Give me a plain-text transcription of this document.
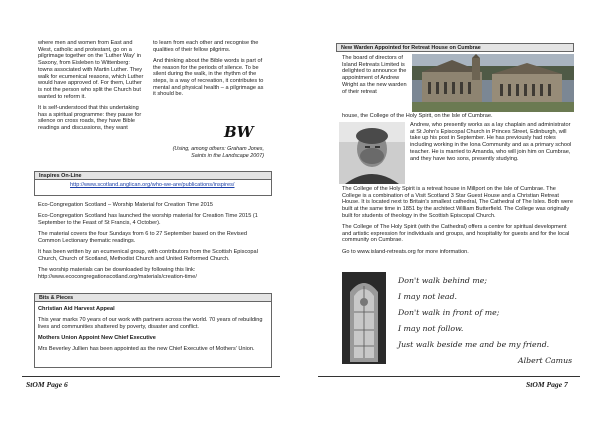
where men and women from East and West, catholic and protestant, go on a pilgrimage together on the 'Luther Way' in Saxony, from Eisleben to Wittenberg: towns associated with Martin Luther. They walk for ecumenical reasons, which Luther would have approved of. For them, Luther is not the person who split the Church but wanted to reform it.

It is self-understood that this undertaking has a spiritual programme: they pause for silence on cross roads, they have Bible readings and discussions, they want

to learn from each other and recognise the qualities of their fellow pilgrims.

And thinking about the Bible words is part of the reason for the periods of silence. To be silent during the walk, in the rhythm of the steps, is a way of recreation, it contributes to mental and physical health – a pilgrimage as it should be.

BW
(Using, among others: Graham Jones, Saints in the Landscape 2007)
Inspires On-Line
http://www.scotland.anglican.org/who-we-are/publications/inspires/

Eco-Congregation Scotland – Worship Material for Creation Time 2015

Eco-Congregation Scotland has launched the worship material for Creation Time 2015 (1 September to the Feast of St Francis, 4 October).

The material covers the four Sundays from 6 to 27 September based on the Revised Common Lectionary thematic readings.

It has been written by an ecumenical group, with contributors from the Scottish Episcopal Church, Church of Scotland, Methodist Church and United Reformed Church.

The worship materials can be downloaded by following this link: http://www.ecocongregationscotland.org/materials/creation-time/

Bits & Pieces

Christian Aid Harvest Appeal

This year marks 70 years of our work with partners across the world. 70 years of rebuilding lives and communities shattered by poverty, disaster and conflict.

Mothers Union Appoint New Chief Executive

Mrs Beverley Jullien has been appointed as the new Chief Executive of Mothers' Union.

StOM Page 6
New Warden Appointed for Retreat House on Cumbrae
The board of directors of Island Retreats Limited is delighted to announce the appointment of Andrew Wright as the new warden of their retreat
house, the College of the Holy Spirit, on the Isle of Cumbrae.
Andrew, who presently works as a lay chaplain and administrator at St John's Episcopal Church in Princes Street, Edinburgh, will take up his post in September. He has previously had roles including working in the Iona Community and as a primary school teacher. He is married to Amanda, who will join him on Cumbrae, and they have two sons, presently studying.

The College of the Holy Spirit is a retreat house in Millport on the Isle of Cumbrae. The College is a combination of a Visit Scotland 3 Star Guest House and a Christian Retreat House. It is located next to Britain's smallest cathedral, The Cathedral of The Isles. Both were built at the same time in 1851 by the architect William Butterfield. The College was originally built for students of theology in the Scottish Episcopal Church.

The College of The Holy Spirit (with the Cathedral) offers a centre for spiritual development and artistic expression for individuals and groups, and hospitality for guests and for the local community on Cumbrae.

Go to www.island-retreats.org for more information.

Don't walk behind me;
I may not lead.
Don't walk in front of me;
I may not follow.
Just walk beside me and be my friend.
Albert Camus
StOM Page 7
